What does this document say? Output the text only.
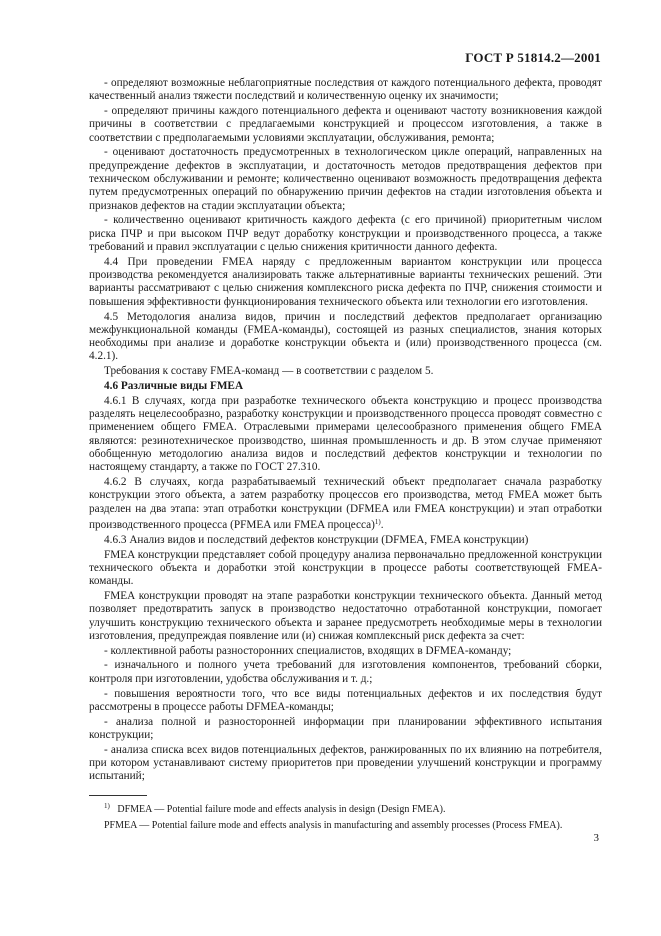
ГОСТ Р 51814.2—2001

- определяют возможные неблагоприятные последствия от каждого потенциального дефекта, проводят качественный анализ тяжести последствий и количественную оценку их значимости;

- определяют причины каждого потенциального дефекта и оценивают частоту возникновения каждой причины в соответствии с предлагаемыми конструкцией и процессом изготовления, а также в соответствии с предполагаемыми условиями эксплуатации, обслуживания, ремонта;

- оценивают достаточность предусмотренных в технологическом цикле операций, направленных на предупреждение дефектов в эксплуатации, и достаточность методов предотвращения дефектов при техническом обслуживании и ремонте; количественно оценивают возможность предотвращения дефекта путем предусмотренных операций по обнаружению причин дефектов на стадии изготовления объекта и признаков дефектов на стадии эксплуатации объекта;

- количественно оценивают критичность каждого дефекта (с его причиной) приоритетным числом риска ПЧР и при высоком ПЧР ведут доработку конструкции и производственного процесса, а также требований и правил эксплуатации с целью снижения критичности данного дефекта.

4.4 При проведении FMEA наряду с предложенным вариантом конструкции или процесса производства рекомендуется анализировать также альтернативные варианты технических решений. Эти варианты рассматривают с целью снижения комплексного риска дефекта по ПЧР, снижения стоимости и повышения эффективности функционирования технического объекта или технологии его изготовления.

4.5 Методология анализа видов, причин и последствий дефектов предполагает организацию межфункциональной команды (FMEA-команды), состоящей из разных специалистов, знания которых необходимы при анализе и доработке конструкции объекта и (или) производственного процесса (см. 4.2.1).

Требования к составу FMEA-команд — в соответствии с разделом 5.

4.6 Различные виды FMEA

4.6.1 В случаях, когда при разработке технического объекта конструкцию и процесс производства разделять нецелесообразно, разработку конструкции и производственного процесса проводят совместно с применением общего FMEA. Отраслевыми примерами целесообразного применения общего FMEA являются: резинотехническое производство, шинная промышленность и др. В этом случае применяют обобщенную методологию анализа видов и последствий дефектов конструкции и технологии по настоящему стандарту, а также по ГОСТ 27.310.

4.6.2 В случаях, когда разрабатываемый технический объект предполагает сначала разработку конструкции этого объекта, а затем разработку процессов его производства, метод FMEA может быть разделен на два этапа: этап отработки конструкции (DFMEA или FMEA конструкции) и этап отработки производственного процесса (PFMEA или FMEA процесса)$^{1)}$.

4.6.3 Анализ видов и последствий дефектов конструкции (DFMEA, FMEA конструкции)

FMEA конструкции представляет собой процедуру анализа первоначально предложенной конструкции технического объекта и доработки этой конструкции в процессе работы соответствующей FMEA-команды.

FMEA конструкции проводят на этапе разработки конструкции технического объекта. Данный метод позволяет предотвратить запуск в производство недостаточно отработанной конструкции, помогает улучшить конструкцию технического объекта и заранее предусмотреть необходимые меры в технологии изготовления, предупреждая появление или (и) снижая комплексный риск дефекта за счет:

- коллективной работы разносторонних специалистов, входящих в DFMEA-команду;

- изначального и полного учета требований для изготовления компонентов, требований сборки, контроля при изготовлении, удобства обслуживания и т. д.;

- повышения вероятности того, что все виды потенциальных дефектов и их последствия будут рассмотрены в процессе работы DFMEA-команды;

- анализа полной и разносторонней информации при планировании эффективного испытания конструкции;

- анализа списка всех видов потенциальных дефектов, ранжированных по их влиянию на потребителя, при котором устанавливают систему приоритетов при проведении улучшений конструкции и программу испытаний;

$^{1)}$ DFMEA — Potential failure mode and effects analysis in design (Design FMEA).

PFMEA — Potential failure mode and effects analysis in manufacturing and assembly processes (Process FMEA).

3
